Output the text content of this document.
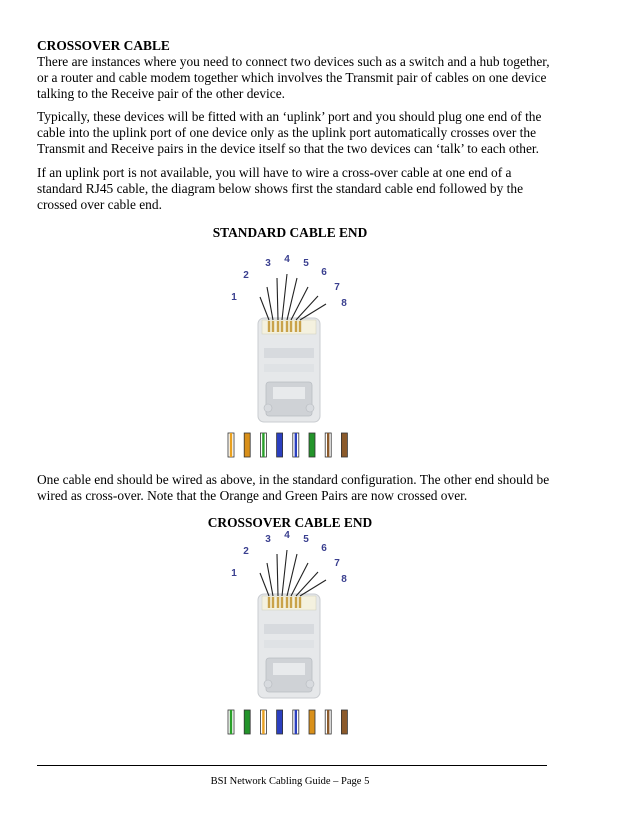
CROSSOVER CABLE

There are instances where you need to connect two devices such as a switch and a hub together, or a router and cable modem together which involves the Transmit pair of cables on one device talking to the Receive pair of the other device.

Typically, these devices will be fitted with an ‘uplink’ port and you should plug one end of the cable into the uplink port of one device only as the uplink port automatically crosses over the Transmit and Receive pairs in the device itself so that the two devices can ‘talk’ to each other.

If an uplink port is not available, you will have to wire a cross-over cable at one end of a standard RJ45 cable, the diagram below shows first the standard cable end followed by the crossed over cable end.

STANDARD CABLE END
1
2
3 4 5
6
7
8

One cable end should be wired as above, in the standard configuration. The other end should be wired as cross-over. Note that the Orange and Green Pairs are now crossed over.

CROSSOVER CABLE END
1
2
3 4 5
6
7
8
BSI Network Cabling Guide – Page 5
